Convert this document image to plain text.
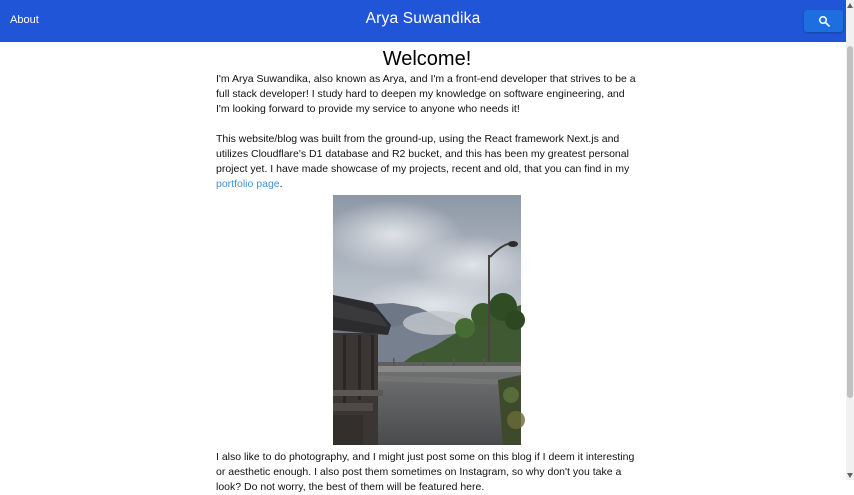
About	Arya Suwandika
Welcome!

I'm Arya Suwandika, also known as Arya, and I'm a front-end developer that strives to be a full stack developer! I study hard to deepen my knowledge on software engineering, and I'm looking forward to provide my service to anyone who needs it!

This website/blog was built from the ground-up, using the React framework Next.js and utilizes Cloudflare's D1 database and R2 bucket, and this has been my greatest personal project yet. I have made showcase of my projects, recent and old, that you can find in my portfolio page.

I also like to do photography, and I might just post some on this blog if I deem it interesting or aesthetic enough. I also post them sometimes on Instagram, so why don't you take a look? Do not worry, the best of them will be featured here.
